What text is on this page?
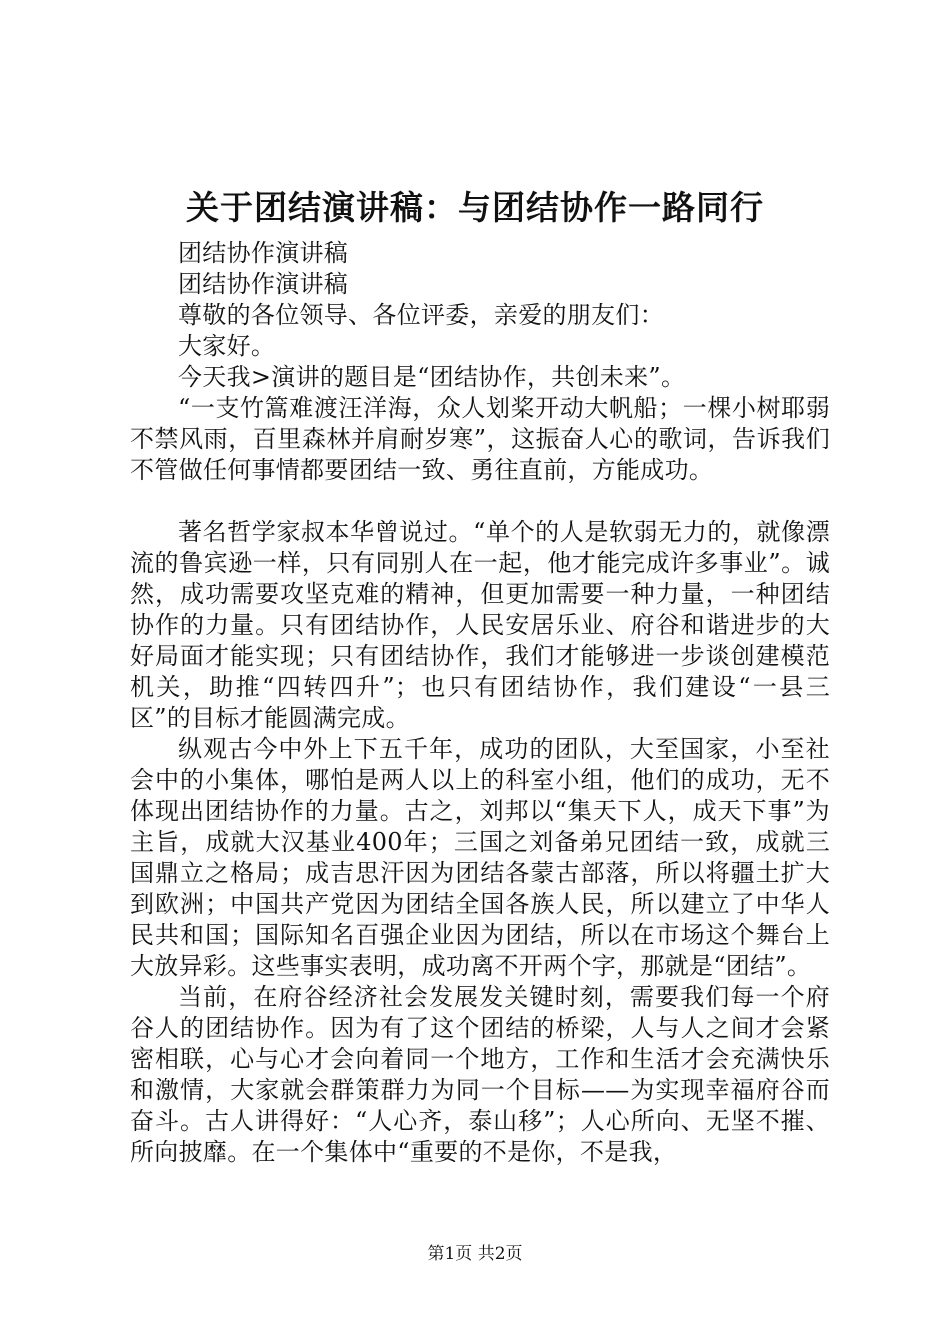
关于团结演讲稿：与团结协作一路同行

团结协作演讲稿

团结协作演讲稿

尊敬的各位领导、各位评委，亲爱的朋友们：

大家好。

今天我>演讲的题目是“团结协作，共创未来”。

“一支竹篙难渡汪洋海，众人划桨开动大帆船；一棵小树耶弱不禁风雨，百里森林并肩耐岁寒”，这振奋人心的歌词，告诉我们不管做任何事情都要团结一致、勇往直前，方能成功。

著名哲学家叔本华曾说过。“单个的人是软弱无力的，就像漂流的鲁宾逊一样，只有同别人在一起，他才能完成许多事业”。诚然，成功需要攻坚克难的精神，但更加需要一种力量，一种团结协作的力量。只有团结协作，人民安居乐业、府谷和谐进步的大好局面才能实现；只有团结协作，我们才能够进一步谈创建模范机关，助推“四转四升”；也只有团结协作，我们建设“一县三区”的目标才能圆满完成。

纵观古今中外上下五千年，成功的团队，大至国家，小至社会中的小集体，哪怕是两人以上的科室小组，他们的成功，无不体现出团结协作的力量。古之，刘邦以“集天下人，成天下事”为主旨，成就大汉基业400年；三国之刘备弟兄团结一致，成就三国鼎立之格局；成吉思汗因为团结各蒙古部落，所以将疆土扩大到欧洲；中国共产党因为团结全国各族人民，所以建立了中华人民共和国；国际知名百强企业因为团结，所以在市场这个舞台上大放异彩。这些事实表明，成功离不开两个字，那就是“团结”。

当前，在府谷经济社会发展发关键时刻，需要我们每一个府谷人的团结协作。因为有了这个团结的桥梁，人与人之间才会紧密相联，心与心才会向着同一个地方，工作和生活才会充满快乐和激情，大家就会群策群力为同一个目标——为实现幸福府谷而奋斗。古人讲得好：“人心齐，泰山移”；人心所向、无坚不摧、所向披靡。在一个集体中“重要的不是你，不是我，

第1页 共2页
